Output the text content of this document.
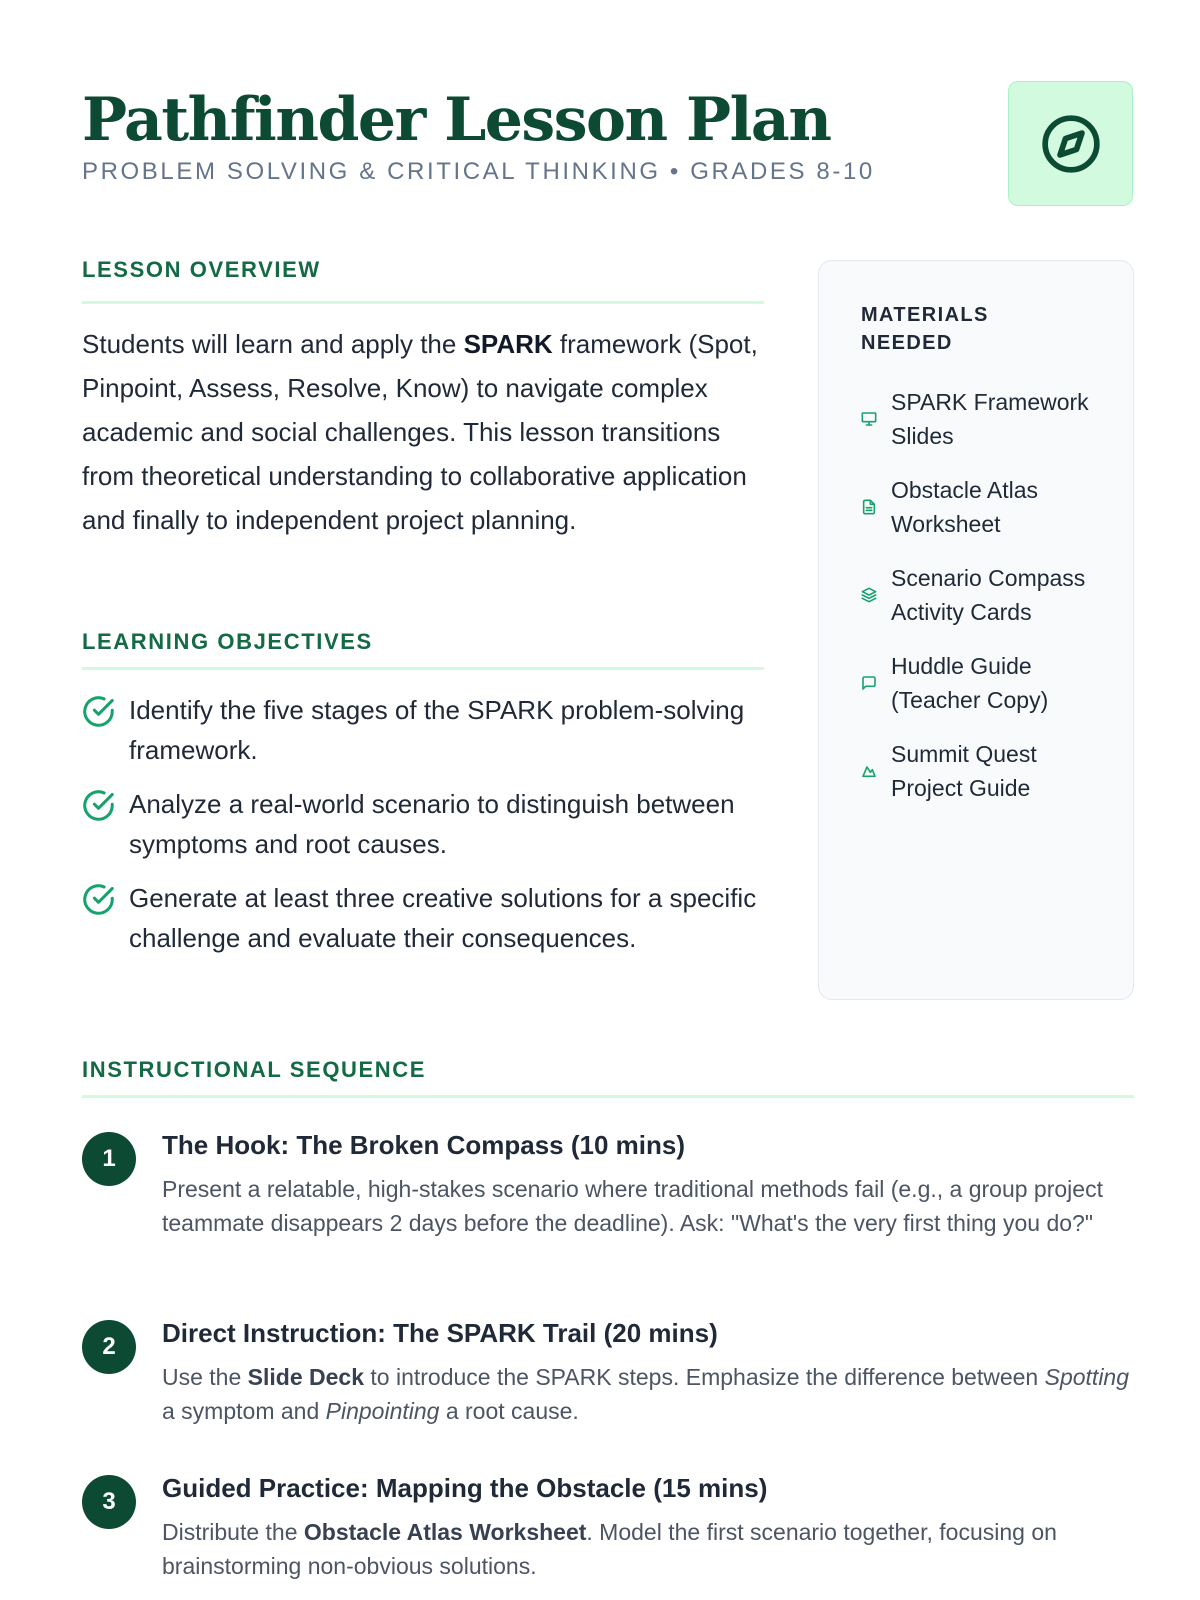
Pathfinder Lesson Plan
PROBLEM SOLVING & CRITICAL THINKING • GRADES 8-10
LESSON OVERVIEW

Students will learn and apply the SPARK framework (Spot, Pinpoint, Assess, Resolve, Know) to navigate complex academic and social challenges. This lesson transitions from theoretical understanding to collaborative application and finally to independent project planning.

LEARNING OBJECTIVES
Identify the five stages of the SPARK problem-solving framework.
Analyze a real-world scenario to distinguish between symptoms and root causes.
Generate at least three creative solutions for a specific challenge and evaluate their consequences.
MATERIALS NEEDED
SPARK Framework Slides
Obstacle Atlas Worksheet
Scenario Compass Activity Cards
Huddle Guide (Teacher Copy)
Summit Quest Project Guide
INSTRUCTIONAL SEQUENCE
1	The Hook: The Broken Compass (10 mins)

Present a relatable, high-stakes scenario where traditional methods fail (e.g., a group project teammate disappears 2 days before the deadline). Ask: "What's the very first thing you do?"

2	Direct Instruction: The SPARK Trail (20 mins)

Use the Slide Deck to introduce the SPARK steps. Emphasize the difference between Spotting a symptom and Pinpointing a root cause.

3	Guided Practice: Mapping the Obstacle (15 mins)

Distribute the Obstacle Atlas Worksheet. Model the first scenario together, focusing on brainstorming non-obvious solutions.
